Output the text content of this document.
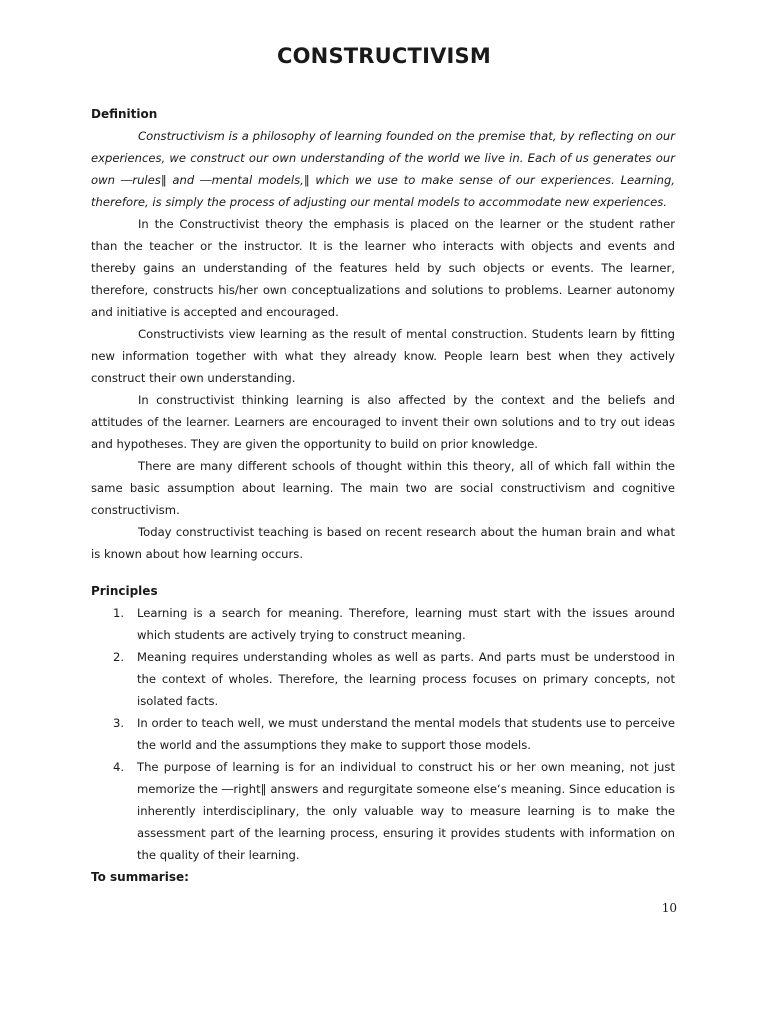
CONSTRUCTIVISM

Definition

Constructivism is a philosophy of learning founded on the premise that, by reflecting on our experiences, we construct our own understanding of the world we live in. Each of us generates our own ―rules‖ and ―mental models,‖ which we use to make sense of our experiences. Learning, therefore, is simply the process of adjusting our mental models to accommodate new experiences.

In the Constructivist theory the emphasis is placed on the learner or the student rather than the teacher or the instructor. It is the learner who interacts with objects and events and thereby gains an understanding of the features held by such objects or events. The learner, therefore, constructs his/her own conceptualizations and solutions to problems. Learner autonomy and initiative is accepted and encouraged.

Constructivists view learning as the result of mental construction. Students learn by fitting new information together with what they already know. People learn best when they actively construct their own understanding.

In constructivist thinking learning is also affected by the context and the beliefs and attitudes of the learner. Learners are encouraged to invent their own solutions and to try out ideas and hypotheses. They are given the opportunity to build on prior knowledge.

There are many different schools of thought within this theory, all of which fall within the same basic assumption about learning. The main two are social constructivism and cognitive constructivism.

Today constructivist teaching is based on recent research about the human brain and what is known about how learning occurs.

Principles

1. Learning is a search for meaning. Therefore, learning must start with the issues around which students are actively trying to construct meaning.
2. Meaning requires understanding wholes as well as parts. And parts must be understood in the context of wholes. Therefore, the learning process focuses on primary concepts, not isolated facts.
3. In order to teach well, we must understand the mental models that students use to perceive the world and the assumptions they make to support those models.
4. The purpose of learning is for an individual to construct his or her own meaning, not just memorize the ―right‖ answers and regurgitate someone else‘s meaning. Since education is inherently interdisciplinary, the only valuable way to measure learning is to make the assessment part of the learning process, ensuring it provides students with information on the quality of their learning.

To summarise:

10
